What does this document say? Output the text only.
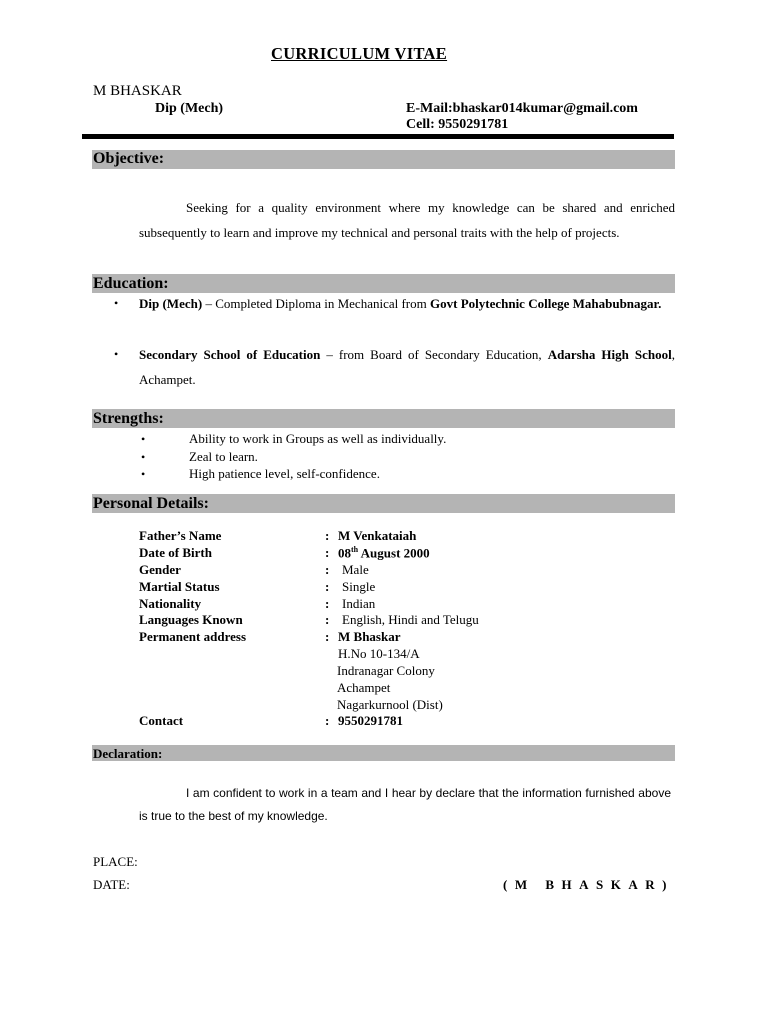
CURRICULUM VITAE
M BHASKAR
Dip (Mech)	E-Mail:bhaskar014kumar@gmail.com
Cell: 9550291781
Objective:
Seeking for a quality environment where my knowledge can be shared and enriched subsequently to learn and improve my technical and personal traits with the help of projects.
Education:
• Dip (Mech) – Completed Diploma in Mechanical from Govt Polytechnic College Mahabubnagar.
• Secondary School of Education – from Board of Secondary Education, Adarsha High School, Achampet.
Strengths:
•	Ability to work in Groups as well as individually.
•	Zeal to learn.
•	High patience level, self-confidence.
Personal Details:
Father’s Name	: M Venkataiah
Date of Birth	: 08th August 2000
Gender	: Male
Martial Status	: Single
Nationality	: Indian
Languages Known	: English, Hindi and Telugu
Permanent address	: M Bhaskar
H.No 10-134/A
Indranagar Colony
Achampet
Nagarkurnool (Dist)
Contact	: 9550291781
Declaration:
I am confident to work in a team and I hear by declare that the information furnished above is true to the best of my knowledge.
PLACE:
DATE:	(M BHASKAR)
